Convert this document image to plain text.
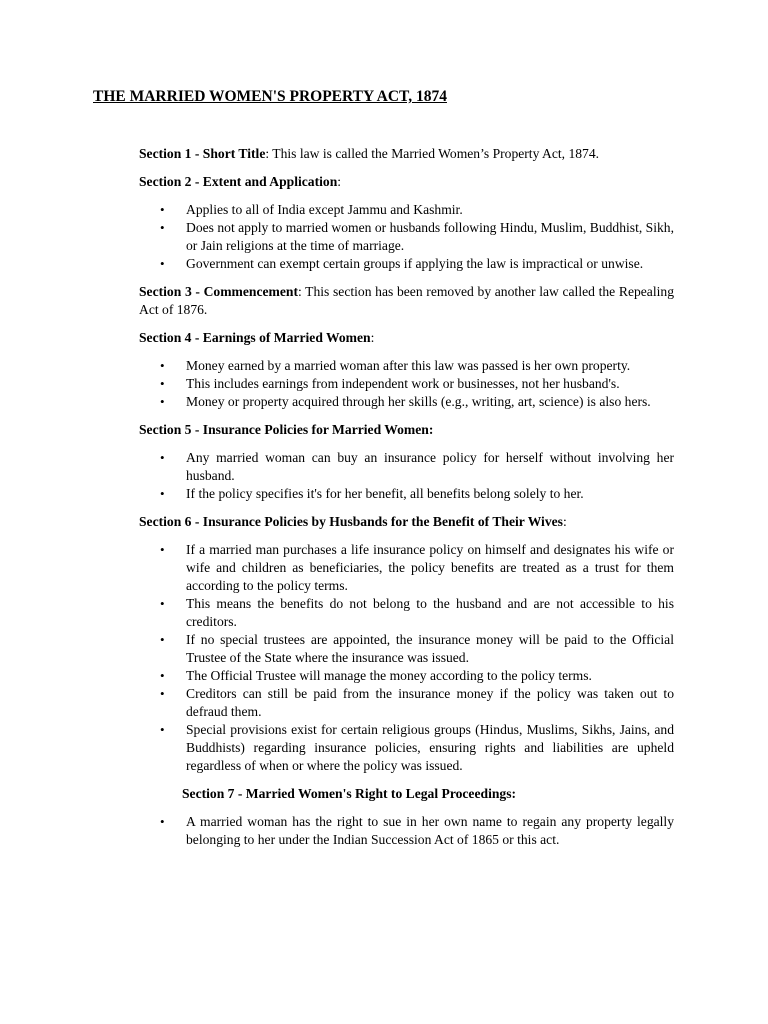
THE MARRIED WOMEN'S PROPERTY ACT, 1874

Section 1 - Short Title: This law is called the Married Women’s Property Act, 1874.

Section 2 - Extent and Application:

• Applies to all of India except Jammu and Kashmir.
• Does not apply to married women or husbands following Hindu, Muslim, Buddhist, Sikh, or Jain religions at the time of marriage.
• Government can exempt certain groups if applying the law is impractical or unwise.

Section 3 - Commencement: This section has been removed by another law called the Repealing Act of 1876.

Section 4 - Earnings of Married Women:

• Money earned by a married woman after this law was passed is her own property.
• This includes earnings from independent work or businesses, not her husband's.
• Money or property acquired through her skills (e.g., writing, art, science) is also hers.

Section 5 - Insurance Policies for Married Women:

• Any married woman can buy an insurance policy for herself without involving her husband.
• If the policy specifies it's for her benefit, all benefits belong solely to her.

Section 6 - Insurance Policies by Husbands for the Benefit of Their Wives:

• If a married man purchases a life insurance policy on himself and designates his wife or wife and children as beneficiaries, the policy benefits are treated as a trust for them according to the policy terms.
• This means the benefits do not belong to the husband and are not accessible to his creditors.
• If no special trustees are appointed, the insurance money will be paid to the Official Trustee of the State where the insurance was issued.
• The Official Trustee will manage the money according to the policy terms.
• Creditors can still be paid from the insurance money if the policy was taken out to defraud them.
• Special provisions exist for certain religious groups (Hindus, Muslims, Sikhs, Jains, and Buddhists) regarding insurance policies, ensuring rights and liabilities are upheld regardless of when or where the policy was issued.

Section 7 - Married Women's Right to Legal Proceedings:

• A married woman has the right to sue in her own name to regain any property legally belonging to her under the Indian Succession Act of 1865 or this act.
